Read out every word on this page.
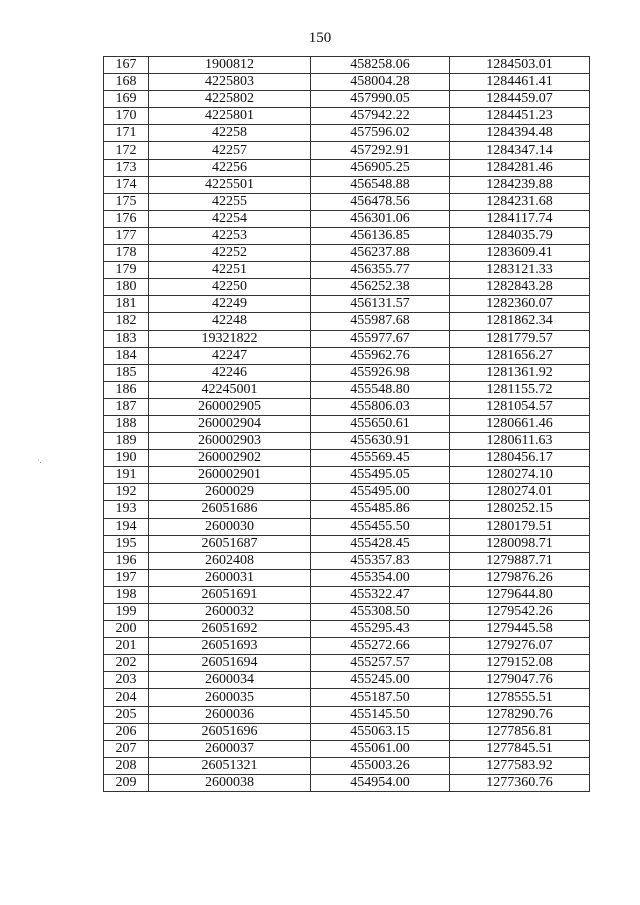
150
167	1900812	458258.06	1284503.01
168	4225803	458004.28	1284461.41
169	4225802	457990.05	1284459.07
170	4225801	457942.22	1284451.23
171	42258	457596.02	1284394.48
172	42257	457292.91	1284347.14
173	42256	456905.25	1284281.46
174	4225501	456548.88	1284239.88
175	42255	456478.56	1284231.68
176	42254	456301.06	1284117.74
177	42253	456136.85	1284035.79
178	42252	456237.88	1283609.41
179	42251	456355.77	1283121.33
180	42250	456252.38	1282843.28
181	42249	456131.57	1282360.07
182	42248	455987.68	1281862.34
183	19321822	455977.67	1281779.57
184	42247	455962.76	1281656.27
185	42246	455926.98	1281361.92
186	42245001	455548.80	1281155.72
187	260002905	455806.03	1281054.57
188	260002904	455650.61	1280661.46
189	260002903	455630.91	1280611.63
190	260002902	455569.45	1280456.17
191	260002901	455495.05	1280274.10
192	2600029	455495.00	1280274.01
193	26051686	455485.86	1280252.15
194	2600030	455455.50	1280179.51
195	26051687	455428.45	1280098.71
196	2602408	455357.83	1279887.71
197	2600031	455354.00	1279876.26
198	26051691	455322.47	1279644.80
199	2600032	455308.50	1279542.26
200	26051692	455295.43	1279445.58
201	26051693	455272.66	1279276.07
202	26051694	455257.57	1279152.08
203	2600034	455245.00	1279047.76
204	2600035	455187.50	1278555.51
205	2600036	455145.50	1278290.76
206	26051696	455063.15	1277856.81
207	2600037	455061.00	1277845.51
208	26051321	455003.26	1277583.92
209	2600038	454954.00	1277360.76
·.
